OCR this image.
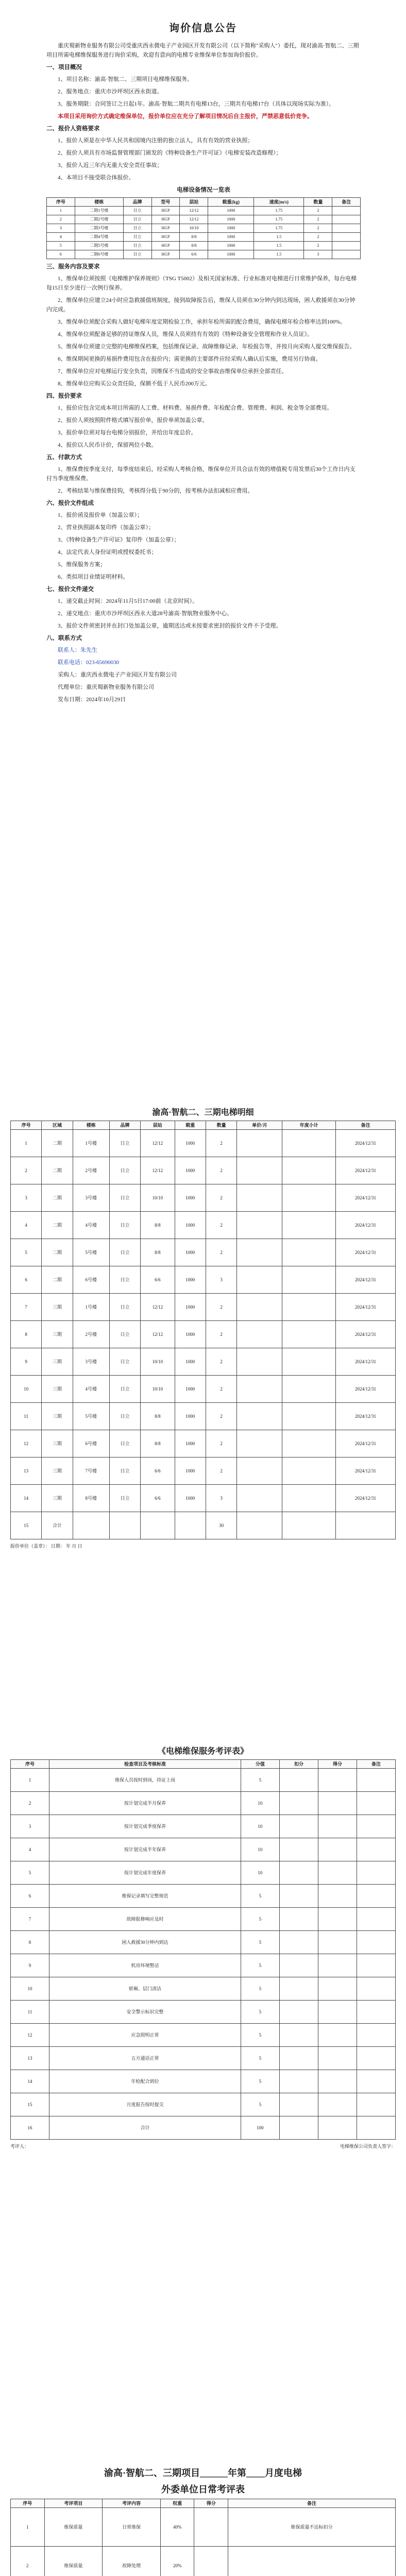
询价信息公告

重庆蜀新物业服务有限公司受重庆西永微电子产业园区开发有限公司（以下简称"采购人"）委托，现对渝高·智航二、三期项目所需电梯维保服务进行询价采购，欢迎有意向的电梯专业维保单位参加询价报价。

一、项目概况

1、项目名称：渝高·智航二、三期项目电梯维保服务。

2、服务地点：重庆市沙坪坝区西永街道。

3、服务期限：合同签订之日起1年。渝高·智航二期共有电梯13台，三期共有电梯17台（具体以现场实际为准）。

本项目采用询价方式确定维保单位，报价单位应在充分了解项目情况后自主报价，严禁恶意低价竞争。

二、报价人资格要求

1、报价人须是在中华人民共和国境内注册的独立法人，具有有效的营业执照；

2、报价人须具有市场监督管理部门颁发的《特种设备生产许可证》（电梯安装改造修理）；

3、报价人近三年内无重大安全责任事故；

4、本项目不接受联合体报价。

电梯设备情况一览表
序号	楼栋	品牌	型号	层站	载重(kg)	速度(m/s)	数量	备注
1	二期1号楼	日立	HGP	12/12	1000	1.75	2	
2	二期2号楼	日立	HGP	12/12	1000	1.75	2	
3	二期3号楼	日立	HGP	10/10	1000	1.75	2	
4	二期4号楼	日立	HGP	8/8	1000	1.5	2	
5	二期5号楼	日立	HGP	8/8	1000	1.5	2	
6	二期6号楼	日立	HGP	6/6	1000	1.5	3	
三、服务内容及要求

1、维保单位须按照《电梯维护保养规则》（TSG T5002）及相关国家标准、行业标准对电梯进行日常维护保养，每台电梯每15日至少进行一次例行保养。

2、维保单位应建立24小时应急救援值班制度，接到故障报告后，维保人员须在30分钟内到达现场，困人救援须在30分钟内完成。

3、维保单位须配合采购人做好电梯年度定期检验工作，承担年检所需的配合费用，确保电梯年检合格率达到100%。

4、维保单位须配备足够的持证维保人员，维保人员须持有有效的《特种设备安全管理和作业人员证》。

5、维保单位须建立完整的电梯维保档案，包括维保记录、故障维修记录、年检报告等，并按月向采购人提交维保报告。

6、维保期间更换的易损件费用包含在报价内；需更换的主要部件应经采购人确认后实施，费用另行协商。

7、维保单位应对电梯运行安全负责，因维保不当造成的安全事故由维保单位承担全部责任。

8、维保单位应购买公众责任险，保额不低于人民币200万元。

四、报价要求

1、报价应包含完成本项目所需的人工费、材料费、易损件费、年检配合费、管理费、利润、税金等全部费用。

2、报价人须按照附件格式填写报价单，报价单须加盖公章。

3、报价单位须对每台电梯分别报价，并给出年度总价。

4、报价以人民币计价，保留两位小数。

五、付款方式

1、维保费按季度支付，每季度结束后，经采购人考核合格，维保单位开具合法有效的增值税专用发票后30个工作日内支付当季度维保费。

2、考核结果与维保费挂钩，考核得分低于90分的，按考核办法扣减相应费用。

六、报价文件组成

1、报价函及报价单（加盖公章）；

2、营业执照副本复印件（加盖公章）；

3、《特种设备生产许可证》复印件（加盖公章）；

4、法定代表人身份证明或授权委托书；

5、维保服务方案；

6、类似项目业绩证明材料。

七、报价文件递交

1、递交截止时间：2024年11月5日17:00前（北京时间）。

2、递交地点：重庆市沙坪坝区西永大道28号渝高·智航物业服务中心。

3、报价文件须密封并在封口处加盖公章，逾期送达或未按要求密封的报价文件不予受理。

八、联系方式

联系人：朱先生

联系电话：023-65690030

采购人：重庆西永微电子产业园区开发有限公司

代理单位：重庆蜀新物业服务有限公司

发布日期：2024年10月29日

渝高·智航二、三期电梯明细
序号	区域	楼栋	品牌	层站	载重	数量	单价/月	年度小计	备注
1	二期	1号楼	日立	12/12	1000	2			2024/12/31
2	二期	2号楼	日立	12/12	1000	2			2024/12/31
3	二期	3号楼	日立	10/10	1000	2			2024/12/31
4	二期	4号楼	日立	8/8	1000	2			2024/12/31
5	二期	5号楼	日立	8/8	1000	2			2024/12/31
6	二期	6号楼	日立	6/6	1000	3			2024/12/31
7	三期	1号楼	日立	12/12	1000	2			2024/12/31
8	三期	2号楼	日立	12/12	1000	2			2024/12/31
9	三期	3号楼	日立	10/10	1000	2			2024/12/31
10	三期	4号楼	日立	10/10	1000	2			2024/12/31
11	三期	5号楼	日立	8/8	1000	2			2024/12/31
12	三期	6号楼	日立	8/8	1000	2			2024/12/31
13	三期	7号楼	日立	6/6	1000	2			2024/12/31
14	三期	8号楼	日立	6/6	1000	3			2024/12/31
15	合计					30			
报价单位（盖章）： 日期： 年 月 日
《电梯维保服务考评表》
序号	检查项目及考核标准	分值	扣分	得分	备注
1	维保人员按时到岗，持证上岗	5			
2	按计划完成半月保养	10			
3	按计划完成季度保养	10			
4	按计划完成半年保养	10			
5	按计划完成年度保养	10			
6	维保记录填写完整规范	5			
7	故障报修响应及时	5			
8	困人救援30分钟内到达	5			
9	机房环境整洁	5			
10	轿厢、层门清洁	5			
11	安全警示标识完整	5			
12	应急照明正常	5			
13	五方通话正常	5			
14	年检配合到位	5			
15	月度报告按时提交	5			
16	合计	100			
考评人：	电梯维保公司负责人签字：
渝高·智航二、三期项目______年第____月度电梯
外委单位日常考评表
序号	考评项目	考评内容	权重	得分	备注
1	维保质量	日常维保	40%		维保质量不达标扣分
2	维保质量	故障处理	20%		
